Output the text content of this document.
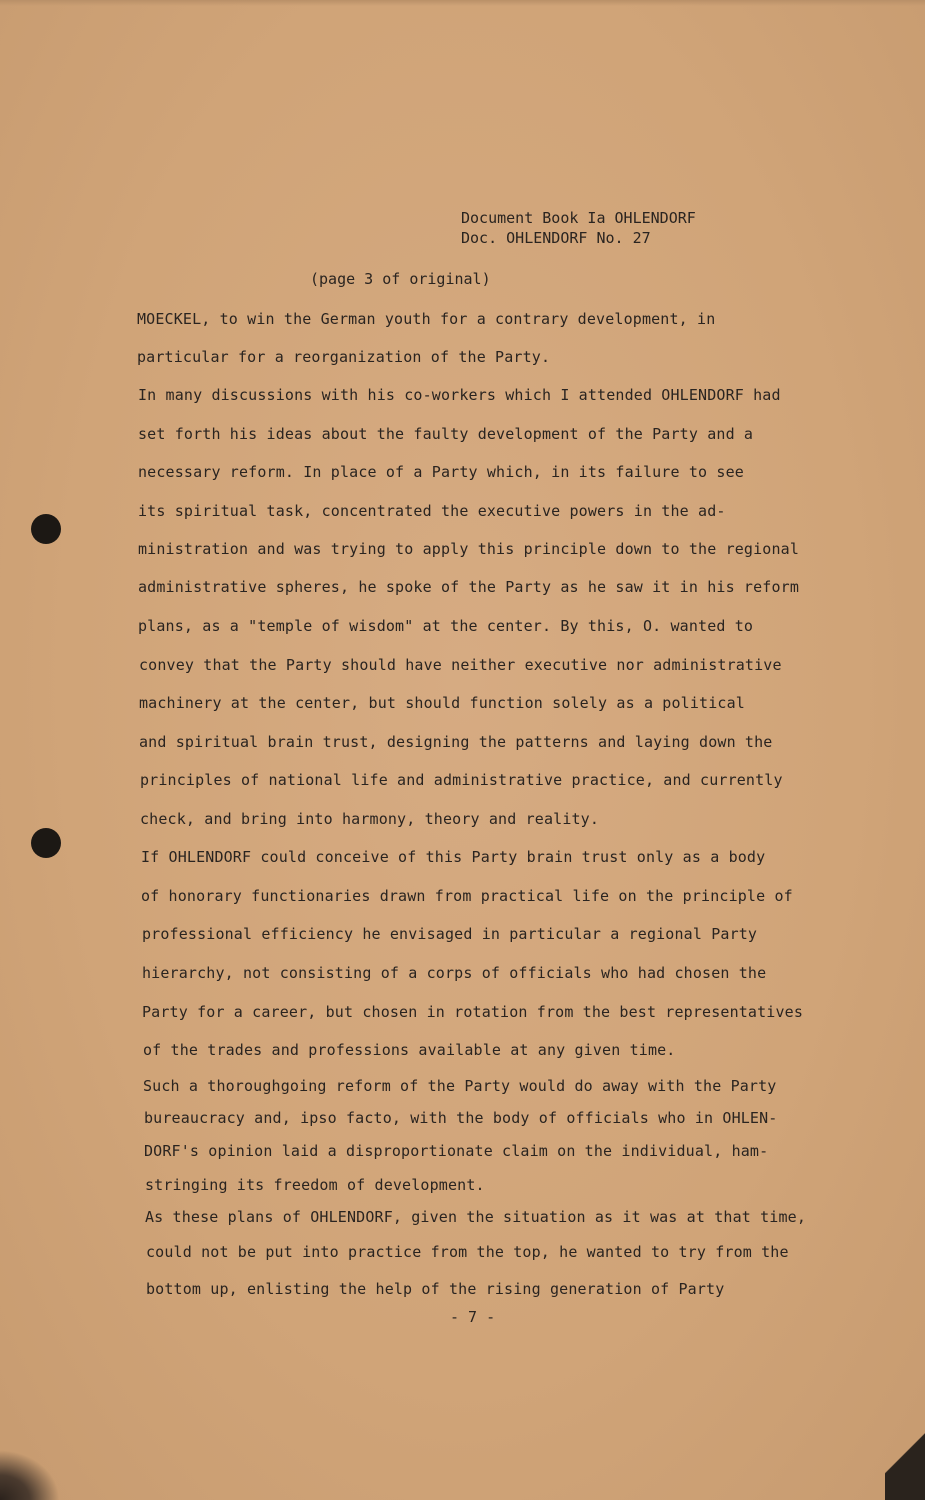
Document Book Ia OHLENDORF
Doc. OHLENDORF No. 27
(page 3 of original)
MOECKEL, to win the German youth for a contrary development, in
particular for a reorganization of the Party.
In many discussions with his co-workers which I attended OHLENDORF had
set forth his ideas about the faulty development of the Party and a
necessary reform. In place of a Party which, in its failure to see
its spiritual task, concentrated the executive powers in the ad-
ministration and was trying to apply this principle down to the regional
administrative spheres, he spoke of the Party as he saw it in his reform
plans, as a "temple of wisdom" at the center. By this, O. wanted to
convey that the Party should have neither executive nor administrative
machinery at the center, but should function solely as a political
and spiritual brain trust, designing the patterns and laying down the
principles of national life and administrative practice, and currently
check, and bring into harmony, theory and reality.
If OHLENDORF could conceive of this Party brain trust only as a body
of honorary functionaries drawn from practical life on the principle of
professional efficiency he envisaged in particular a regional Party
hierarchy, not consisting of a corps of officials who had chosen the
Party for a career, but chosen in rotation from the best representatives
of the trades and professions available at any given time.
Such a thoroughgoing reform of the Party would do away with the Party
bureaucracy and, ipso facto, with the body of officials who in OHLEN-
DORF's opinion laid a disproportionate claim on the individual, ham-
stringing its freedom of development.
As these plans of OHLENDORF, given the situation as it was at that time,
could not be put into practice from the top, he wanted to try from the
bottom up, enlisting the help of the rising generation of Party
- 7 -
